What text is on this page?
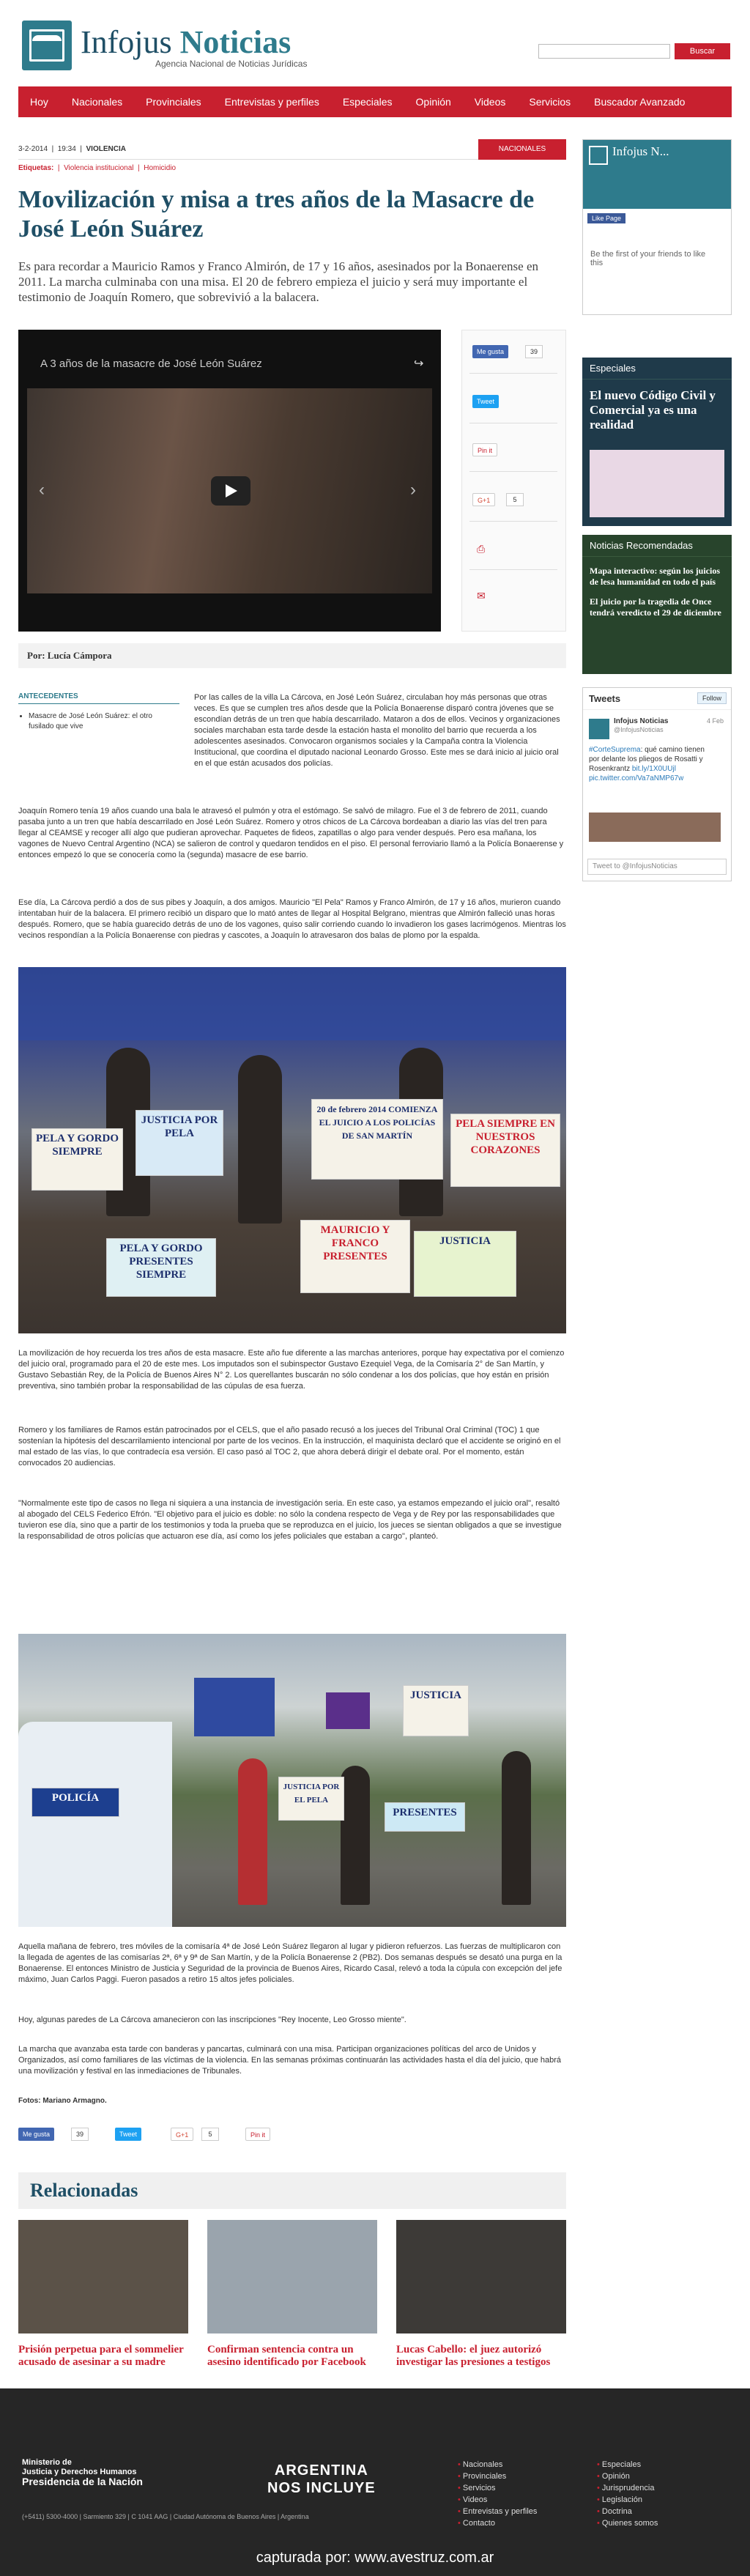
Infojus Noticias
Agencia Nacional de Noticias Jurídicas
Buscar
Hoy	Nacionales	Provinciales	Entrevistas y perfiles	Especiales	Opinión	Videos	Servicios	Buscador Avanzado
3-2-2014  |  19:34  |  VIOLENCIA	NACIONALES
Etiquetas:  |  Violencia institucional  |  Homicidio
Movilización y misa a tres años de la Masacre de José León Suárez

Es para recordar a Mauricio Ramos y Franco Almirón, de 17 y 16 años, asesinados por la Bonaerense en 2011. La marcha culminaba con una misa. El 20 de febrero empieza el juicio y será muy importante el testimonio de Joaquín Romero, que sobrevivió a la balacera.

A 3 años de la masacre de José León Suárez
‹	›
↪
Me gusta	39
Tweet
Pin it
G+1	5
⎙
✉
Por: Lucía Cámpora
ANTECEDENTES
• Masacre de José León Suárez: el otro fusilado que vive

Por las calles de la villa La Cárcova, en José León Suárez, circulaban hoy más personas que otras veces. Es que se cumplen tres años desde que la Policía Bonaerense disparó contra jóvenes que se escondían detrás de un tren que había descarrilado. Mataron a dos de ellos. Vecinos y organizaciones sociales marchaban esta tarde desde la estación hasta el monolito del barrio que recuerda a los adolescentes asesinados. Convocaron organismos sociales y la Campaña contra la Violencia Institucional, que coordina el diputado nacional Leonardo Grosso. Este mes se dará inicio al juicio oral en el que están acusados dos policías.

Joaquín Romero tenía 19 años cuando una bala le atravesó el pulmón y otra el estómago. Se salvó de milagro. Fue el 3 de febrero de 2011, cuando pasaba junto a un tren que había descarrilado en José León Suárez. Romero y otros chicos de La Cárcova bordeaban a diario las vías del tren para llegar al CEAMSE y recoger allí algo que pudieran aprovechar. Paquetes de fideos, zapatillas o algo para vender después. Pero esa mañana, los vagones de Nuevo Central Argentino (NCA) se salieron de control y quedaron tendidos en el piso. El personal ferroviario llamó a la Policía Bonaerense y entonces empezó lo que se conocería como la (segunda) masacre de ese barrio.

Ese día, La Cárcova perdió a dos de sus pibes y Joaquín, a dos amigos. Mauricio "El Pela" Ramos y Franco Almirón, de 17 y 16 años, murieron cuando intentaban huir de la balacera. El primero recibió un disparo que lo mató antes de llegar al Hospital Belgrano, mientras que Almirón falleció unas horas después. Romero, que se había guarecido detrás de uno de los vagones, quiso salir corriendo cuando lo invadieron los gases lacrimógenos. Mientras los vecinos respondían a la Policía Bonaerense con piedras y cascotes, a Joaquín lo atravesaron dos balas de plomo por la espalda.

PELA Y GORDO SIEMPRE
JUSTICIA POR PELA
20 de febrero 2014 COMIENZA EL JUICIO A LOS POLICÍAS DE SAN MARTÍN
PELA SIEMPRE EN NUESTROS CORAZONES
PELA Y GORDO PRESENTES SIEMPRE
MAURICIO Y FRANCO PRESENTES
JUSTICIA

La movilización de hoy recuerda los tres años de esta masacre. Este año fue diferente a las marchas anteriores, porque hay expectativa por el comienzo del juicio oral, programado para el 20 de este mes. Los imputados son el subinspector Gustavo Ezequiel Vega, de la Comisaría 2° de San Martín, y Gustavo Sebastián Rey, de la Policía de Buenos Aires N° 2. Los querellantes buscarán no sólo condenar a los dos policías, que hoy están en prisión preventiva, sino también probar la responsabilidad de las cúpulas de esa fuerza.

Romero y los familiares de Ramos están patrocinados por el CELS, que el año pasado recusó a los jueces del Tribunal Oral Criminal (TOC) 1 que sostenían la hipótesis del descarrilamiento intencional por parte de los vecinos. En la instrucción, el maquinista declaró que el accidente se originó en el mal estado de las vías, lo que contradecía esa versión. El caso pasó al TOC 2, que ahora deberá dirigir el debate oral. Por el momento, están convocados 20 audiencias.

"Normalmente este tipo de casos no llega ni siquiera a una instancia de investigación seria. En este caso, ya estamos empezando el juicio oral", resaltó al abogado del CELS Federico Efrón. "El objetivo para el juicio es doble: no sólo la condena respecto de Vega y de Rey por las responsabilidades que tuvieron ese día, sino que a partir de los testimonios y toda la prueba que se reproduzca en el juicio, los jueces se sientan obligados a que se investigue la responsabilidad de otros policías que actuaron ese día, así como los jefes policiales que estaban a cargo", planteó.

POLICÍA
JUSTICIA
JUSTICIA POR EL PELA
PRESENTES

Aquella mañana de febrero, tres móviles de la comisaría 4ª de José León Suárez llegaron al lugar y pidieron refuerzos. Las fuerzas de multiplicaron con la llegada de agentes de las comisarías 2ª, 6ª y 9ª de San Martín, y de la Policía Bonaerense 2 (PB2). Dos semanas después se desató una purga en la Bonaerense. El entonces Ministro de Justicia y Seguridad de la provincia de Buenos Aires, Ricardo Casal, relevó a toda la cúpula con excepción del jefe máximo, Juan Carlos Paggi. Fueron pasados a retiro 15 altos jefes policiales.

Hoy, algunas paredes de La Cárcova amanecieron con las inscripciones "Rey Inocente, Leo Grosso miente".

La marcha que avanzaba esta tarde con banderas y pancartas, culminará con una misa. Participan organizaciones políticas del arco de Unidos y Organizados, así como familiares de las víctimas de la violencia. En las semanas próximas continuarán las actividades hasta el día del juicio, que habrá una movilización y festival en las inmediaciones de Tribunales.

Fotos: Mariano Armagno.

Me gusta	39	Tweet	G+1	5	Pin it
Relacionadas
Prisión perpetua para el sommelier acusado de asesinar a su madre
Confirman sentencia contra un asesino identificado por Facebook
Lucas Cabello: el juez autorizó investigar las presiones a testigos
Infojus N...
Like Page
Be the first of your friends to like this
Especiales
El nuevo Código Civil y Comercial ya es una realidad
Noticias Recomendadas
Mapa interactivo: según los juicios de lesa humanidad en todo el país
El juicio por la tragedia de Once tendrá veredicto el 29 de diciembre
Tweets	Follow
Infojus Noticias
@InfojusNoticias
4 Feb
#CorteSuprema: qué camino tienen por delante los pliegos de Rosatti y Rosenkrantz bit.ly/1X0UUjl pic.twitter.com/Va7aNMP67w
Tweet to @InfojusNoticias
Ministerio de
Justicia y Derechos Humanos
Presidencia de la Nación
(+5411) 5300-4000 | Sarmiento 329 | C 1041 AAG | Ciudad Autónoma de Buenos Aires | Argentina
ARGENTINA
NOS INCLUYE
• Nacionales
• Provinciales
• Servicios
• Videos
• Entrevistas y perfiles
• Contacto
• Especiales
• Opinión
• Jurisprudencia
• Legislación
• Doctrina
• Quienes somos
capturada por: www.avestruz.com.ar
